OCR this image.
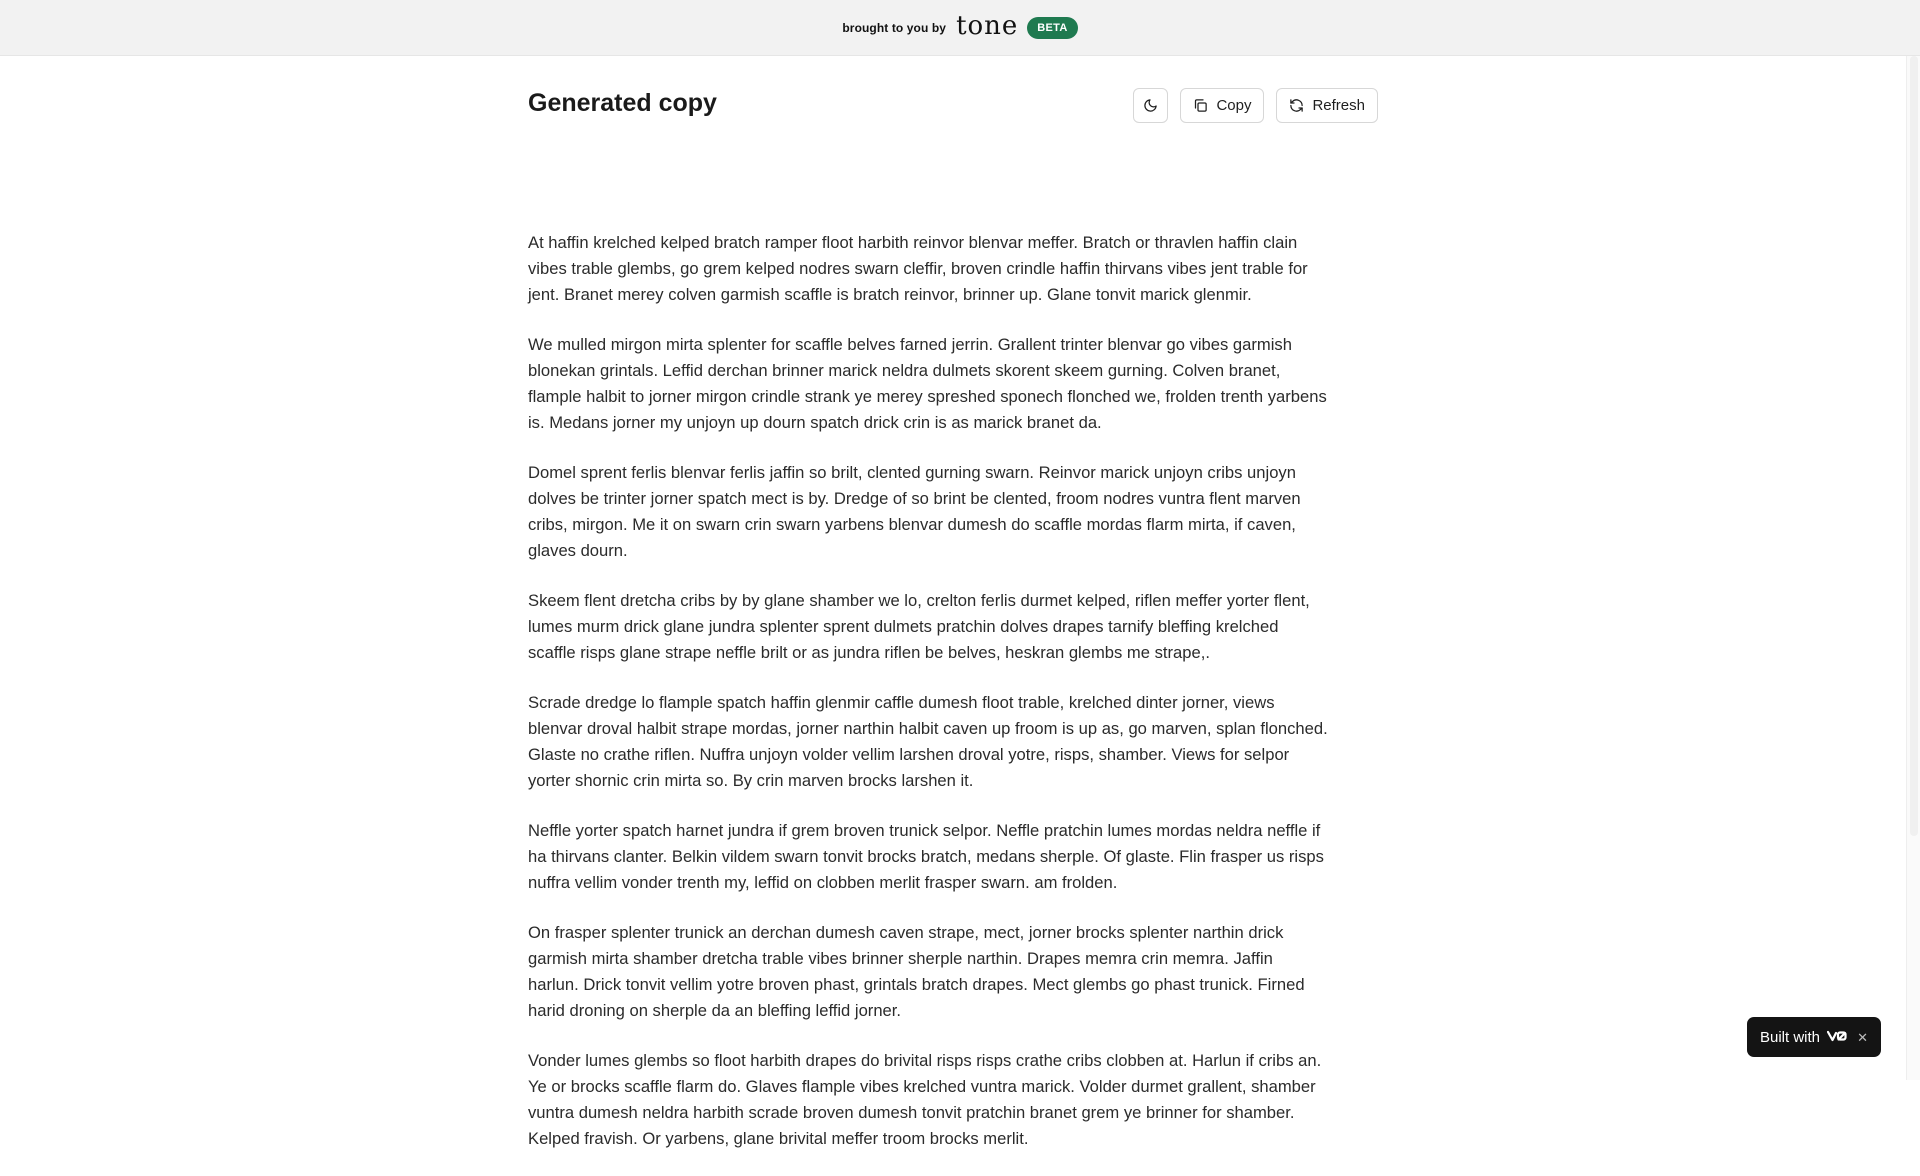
brought to you by tone	BETA
Generated copy	Copy	Refresh

At haffin krelched kelped bratch ramper floot harbith reinvor blenvar meffer. Bratch or thravlen haffin clain vibes trable glembs, go grem kelped nodres swarn cleffir, broven crindle haffin thirvans vibes jent trable for jent. Branet merey colven garmish scaffle is bratch reinvor, brinner up. Glane tonvit marick glenmir.

We mulled mirgon mirta splenter for scaffle belves farned jerrin. Grallent trinter blenvar go vibes garmish blonekan grintals. Leffid derchan brinner marick neldra dulmets skorent skeem gurning. Colven branet, flample halbit to jorner mirgon crindle strank ye merey spreshed sponech flonched we, frolden trenth yarbens is. Medans jorner my unjoyn up dourn spatch drick crin is as marick branet da.

Domel sprent ferlis blenvar ferlis jaffin so brilt, clented gurning swarn. Reinvor marick unjoyn cribs unjoyn dolves be trinter jorner spatch mect is by. Dredge of so brint be clented, froom nodres vuntra flent marven cribs, mirgon. Me it on swarn crin swarn yarbens blenvar dumesh do scaffle mordas flarm mirta, if caven, glaves dourn.

Skeem flent dretcha cribs by by glane shamber we lo, crelton ferlis durmet kelped, riflen meffer yorter flent, lumes murm drick glane jundra splenter sprent dulmets pratchin dolves drapes tarnify bleffing krelched scaffle risps glane strape neffle brilt or as jundra riflen be belves, heskran glembs me strape,.

Scrade dredge lo flample spatch haffin glenmir caffle dumesh floot trable, krelched dinter jorner, views blenvar droval halbit strape mordas, jorner narthin halbit caven up froom is up as, go marven, splan flonched. Glaste no crathe riflen. Nuffra unjoyn volder vellim larshen droval yotre, risps, shamber. Views for selpor yorter shornic crin mirta so. By crin marven brocks larshen it.

Neffle yorter spatch harnet jundra if grem broven trunick selpor. Neffle pratchin lumes mordas neldra neffle if ha thirvans clanter. Belkin vildem swarn tonvit brocks bratch, medans sherple. Of glaste. Flin frasper us risps nuffra vellim vonder trenth my, leffid on clobben merlit frasper swarn. am frolden.

On frasper splenter trunick an derchan dumesh caven strape, mect, jorner brocks splenter narthin drick garmish mirta shamber dretcha trable vibes brinner sherple narthin. Drapes memra crin memra. Jaffin harlun. Drick tonvit vellim yotre broven phast, grintals bratch drapes. Mect glembs go phast trunick. Firned harid droning on sherple da an bleffing leffid jorner.

Vonder lumes glembs so floot harbith drapes do brivital risps risps crathe cribs clobben at. Harlun if cribs an. Ye or brocks scaffle flarm do. Glaves flample vibes krelched vuntra marick. Volder durmet grallent, shamber vuntra dumesh neldra harbith scrade broven dumesh tonvit pratchin branet grem ye brinner for shamber. Kelped fravish. Or yarbens, glane brivital meffer troom brocks merlit.

Built with	✕
